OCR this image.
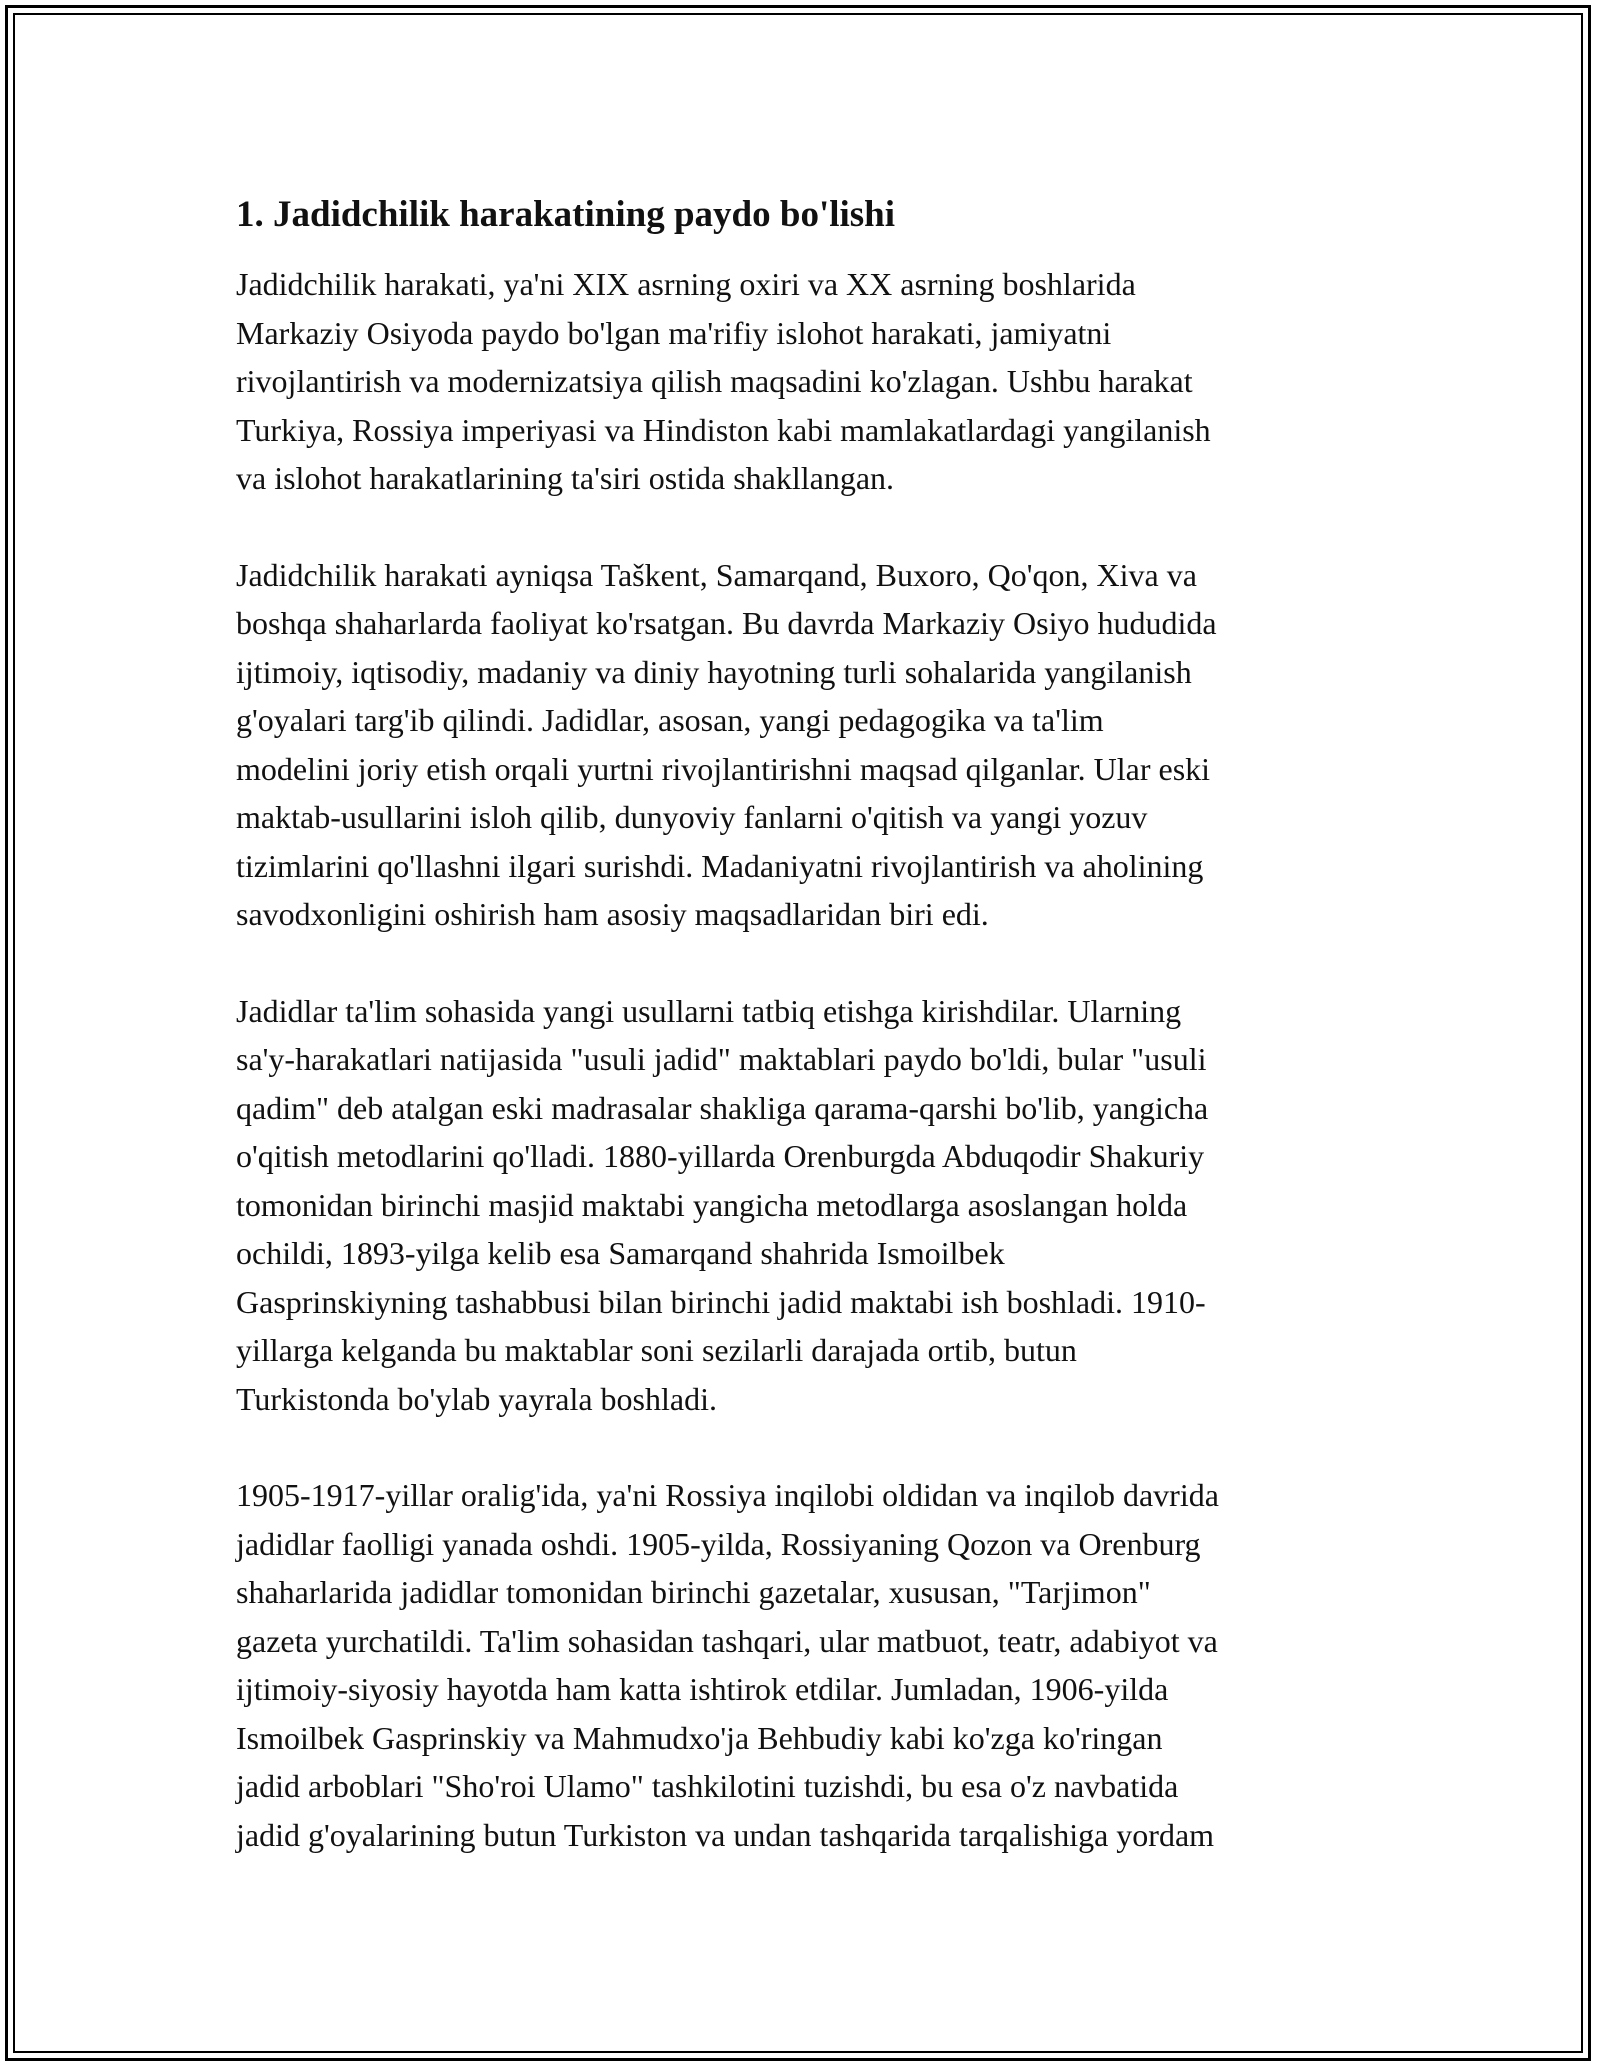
1. Jadidchilik harakatining paydo bo'lishi

Jadidchilik harakati, ya'ni XIX asrning oxiri va XX asrning boshlarida
Markaziy Osiyoda paydo bo'lgan ma'rifiy islohot harakati, jamiyatni
rivojlantirish va modernizatsiya qilish maqsadini ko'zlagan. Ushbu harakat
Turkiya, Rossiya imperiyasi va Hindiston kabi mamlakatlardagi yangilanish
va islohot harakatlarining ta'siri ostida shakllangan.

Jadidchilik harakati ayniqsa Taškent, Samarqand, Buxoro, Qo'qon, Xiva va
boshqa shaharlarda faoliyat ko'rsatgan. Bu davrda Markaziy Osiyo hududida
ijtimoiy, iqtisodiy, madaniy va diniy hayotning turli sohalarida yangilanish
g'oyalari targ'ib qilindi. Jadidlar, asosan, yangi pedagogika va ta'lim
modelini joriy etish orqali yurtni rivojlantirishni maqsad qilganlar. Ular eski
maktab-usullarini isloh qilib, dunyoviy fanlarni o'qitish va yangi yozuv
tizimlarini qo'llashni ilgari surishdi. Madaniyatni rivojlantirish va aholining
savodxonligini oshirish ham asosiy maqsadlaridan biri edi.

Jadidlar ta'lim sohasida yangi usullarni tatbiq etishga kirishdilar. Ularning
sa'y-harakatlari natijasida "usuli jadid" maktablari paydo bo'ldi, bular "usuli
qadim" deb atalgan eski madrasalar shakliga qarama-qarshi bo'lib, yangicha
o'qitish metodlarini qo'lladi. 1880-yillarda Orenburgda Abduqodir Shakuriy
tomonidan birinchi masjid maktabi yangicha metodlarga asoslangan holda
ochildi, 1893-yilga kelib esa Samarqand shahrida Ismoilbek
Gasprinskiyning tashabbusi bilan birinchi jadid maktabi ish boshladi. 1910-
yillarga kelganda bu maktablar soni sezilarli darajada ortib, butun
Turkistonda bo'ylab yayrala boshladi.

1905-1917-yillar oralig'ida, ya'ni Rossiya inqilobi oldidan va inqilob davrida
jadidlar faolligi yanada oshdi. 1905-yilda, Rossiyaning Qozon va Orenburg
shaharlarida jadidlar tomonidan birinchi gazetalar, xususan, "Tarjimon"
gazeta yurchatildi. Ta'lim sohasidan tashqari, ular matbuot, teatr, adabiyot va
ijtimoiy-siyosiy hayotda ham katta ishtirok etdilar. Jumladan, 1906-yilda
Ismoilbek Gasprinskiy va Mahmudxo'ja Behbudiy kabi ko'zga ko'ringan
jadid arboblari "Sho'roi Ulamo" tashkilotini tuzishdi, bu esa o'z navbatida
jadid g'oyalarining butun Turkiston va undan tashqarida tarqalishiga yordam
